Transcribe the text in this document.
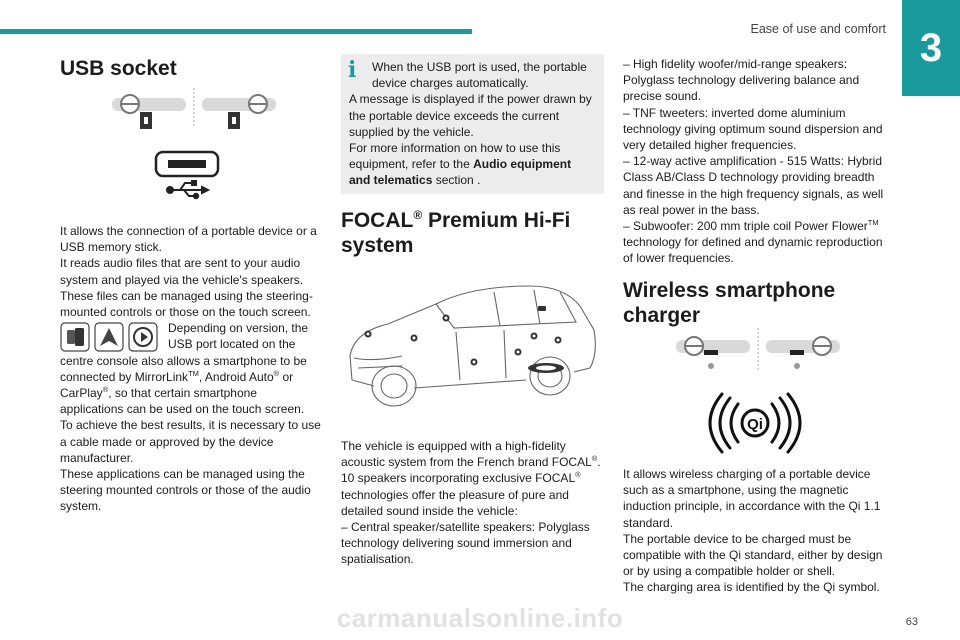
Ease of use and comfort 3
USB socket

It allows the connection of a portable device or a USB memory stick.

It reads audio files that are sent to your audio system and played via the vehicle's speakers.

These files can be managed using the steering-mounted controls or those on the touch screen.

Depending on version, the USB port located on the

centre console also allows a smartphone to be connected by MirrorLink™, Android Auto® or CarPlay®, so that certain smartphone applications can be used on the touch screen.

To achieve the best results, it is necessary to use a cable made or approved by the device manufacturer.

These applications can be managed using the steering mounted controls or those of the audio system.

i	When the USB port is used, the portable device charges automatically.

A message is displayed if the power drawn by the portable device exceeds the current supplied by the vehicle.

For more information on how to use this equipment, refer to the Audio equipment and telematics section .

FOCAL® Premium Hi-Fi system

The vehicle is equipped with a high-fidelity acoustic system from the French brand FOCAL®.

10 speakers incorporating exclusive FOCAL® technologies offer the pleasure of pure and detailed sound inside the vehicle:

– Central speaker/satellite speakers: Polyglass technology delivering sound immersion and spatialisation.

– High fidelity woofer/mid-range speakers: Polyglass technology delivering balance and precise sound.

– TNF tweeters: inverted dome aluminium technology giving optimum sound dispersion and very detailed higher frequencies.

– 12-way active amplification - 515 Watts: Hybrid Class AB/Class D technology providing breadth and finesse in the high frequency signals, as well as real power in the bass.

– Subwoofer: 200 mm triple coil Power Flower™ technology for defined and dynamic reproduction of lower frequencies.

Wireless smartphone charger
Qi

It allows wireless charging of a portable device such as a smartphone, using the magnetic induction principle, in accordance with the Qi 1.1 standard.

The portable device to be charged must be compatible with the Qi standard, either by design or by using a compatible holder or shell.

The charging area is identified by the Qi symbol.

63
carmanualsonline.info
